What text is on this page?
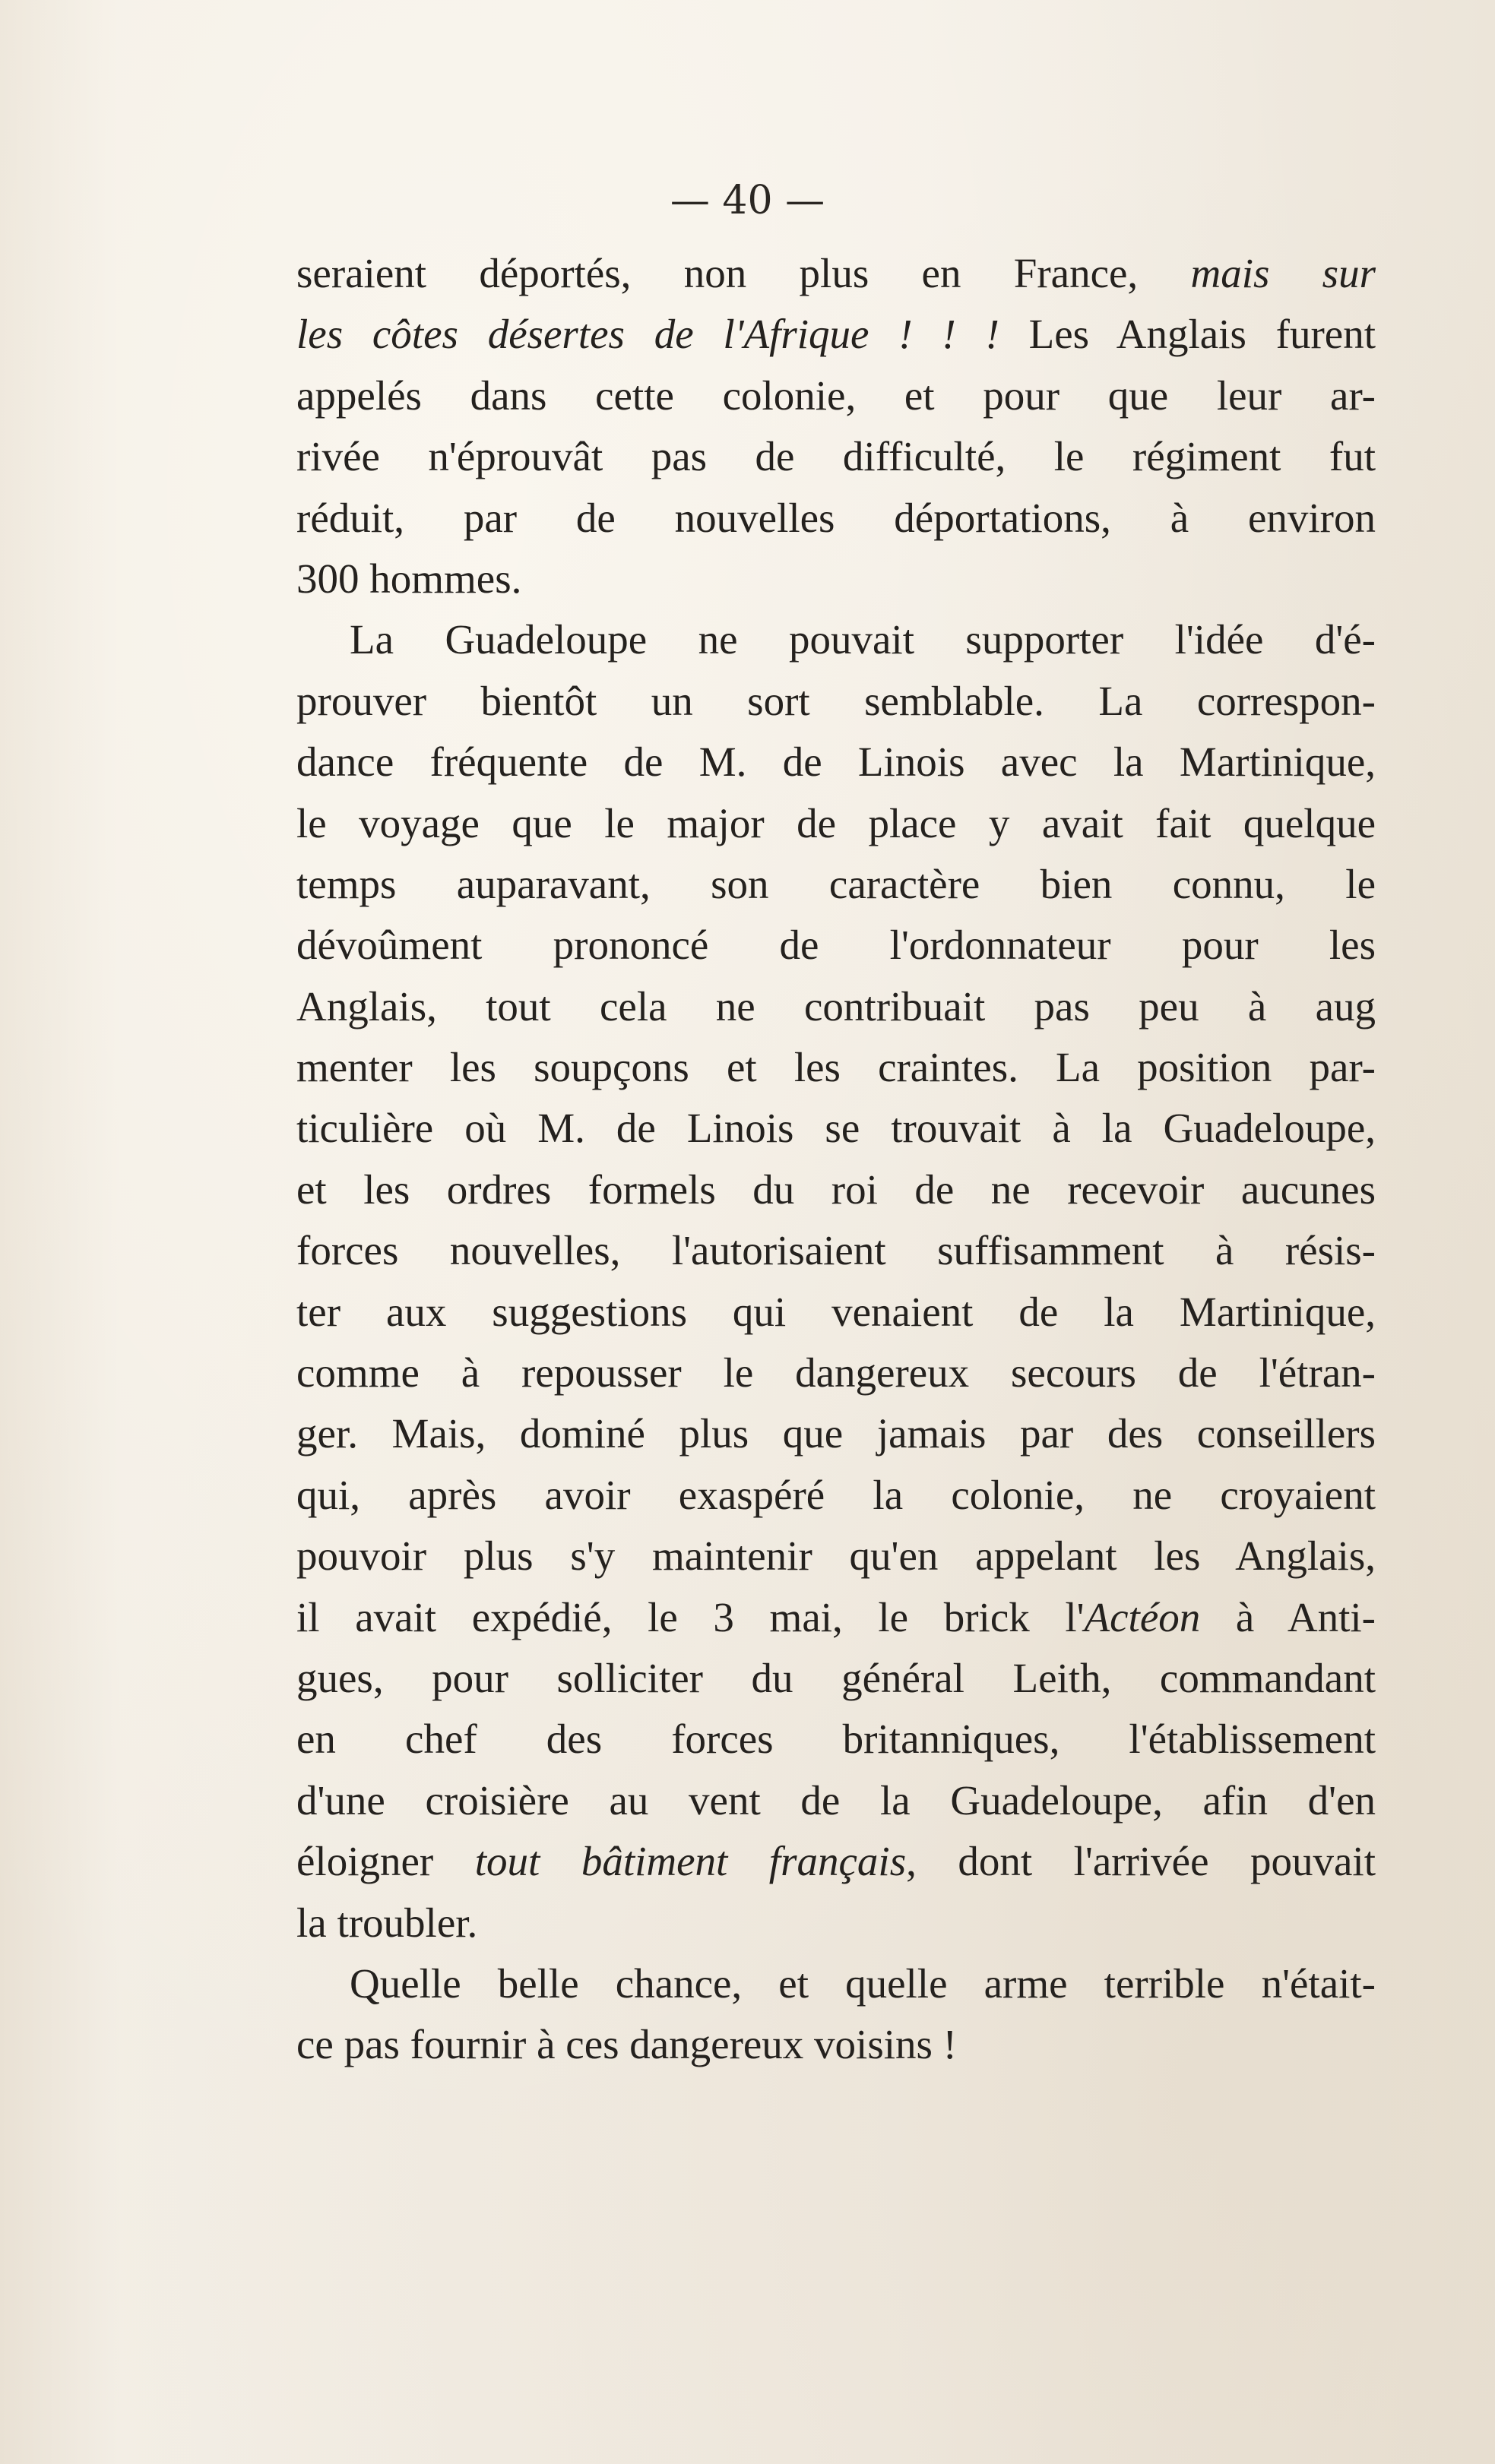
— 40 —

seraient déportés, non plus en France, mais sur
les côtes désertes de l'Afrique ! ! ! Les Anglais furent
appelés dans cette colonie, et pour que leur ar-
rivée n'éprouvât pas de difficulté, le régiment fut
réduit, par de nouvelles déportations, à environ
300 hommes.

La Guadeloupe ne pouvait supporter l'idée d'é-
prouver bientôt un sort semblable. La correspon-
dance fréquente de M. de Linois avec la Martinique,
le voyage que le major de place y avait fait quelque
temps auparavant, son caractère bien connu, le
dévoûment prononcé de l'ordonnateur pour les
Anglais, tout cela ne contribuait pas peu à aug
menter les soupçons et les craintes. La position par-
ticulière où M. de Linois se trouvait à la Guadeloupe,
et les ordres formels du roi de ne recevoir aucunes
forces nouvelles, l'autorisaient suffisamment à résis-
ter aux suggestions qui venaient de la Martinique,
comme à repousser le dangereux secours de l'étran-
ger. Mais, dominé plus que jamais par des conseillers
qui, après avoir exaspéré la colonie, ne croyaient
pouvoir plus s'y maintenir qu'en appelant les Anglais,
il avait expédié, le 3 mai, le brick l'Actéon à Anti-
gues, pour solliciter du général Leith, commandant
en chef des forces britanniques, l'établissement
d'une croisière au vent de la Guadeloupe, afin d'en
éloigner tout bâtiment français, dont l'arrivée pouvait
la troubler.

Quelle belle chance, et quelle arme terrible n'était-
ce pas fournir à ces dangereux voisins !
